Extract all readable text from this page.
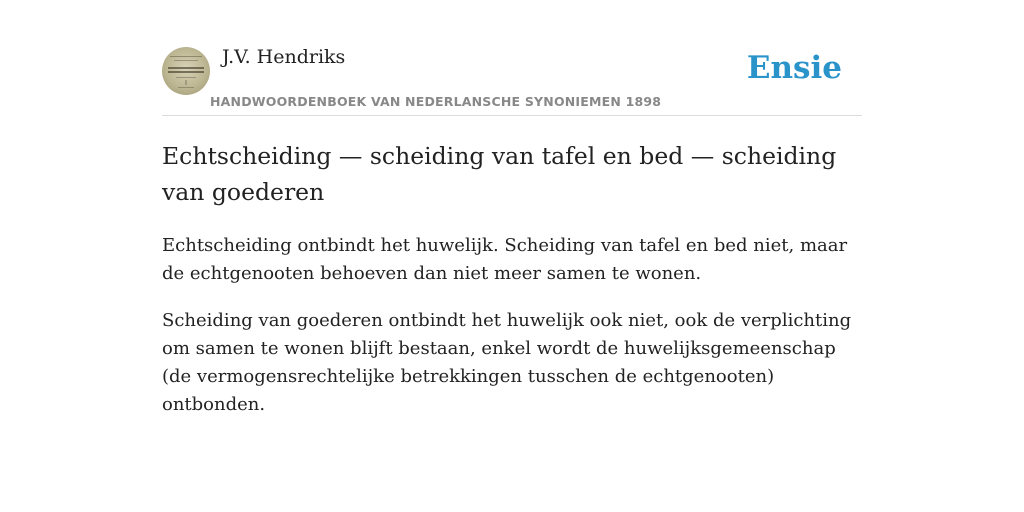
J.V. Hendriks
HANDWOORDENBOEK VAN NEDERLANSCHE SYNONIEMEN 1898
Ensie
Echtscheiding — scheiding van tafel en bed — scheiding van goederen

Echtscheiding ontbindt het huwelijk. Scheiding van tafel en bed niet, maar de echtgenooten behoeven dan niet meer samen te wonen.

Scheiding van goederen ontbindt het huwelijk ook niet, ook de verplichting om samen te wonen blijft bestaan, enkel wordt de huwelijksgemeenschap (de vermogensrechtelijke betrekkingen tusschen de echtgenooten) ontbonden.
